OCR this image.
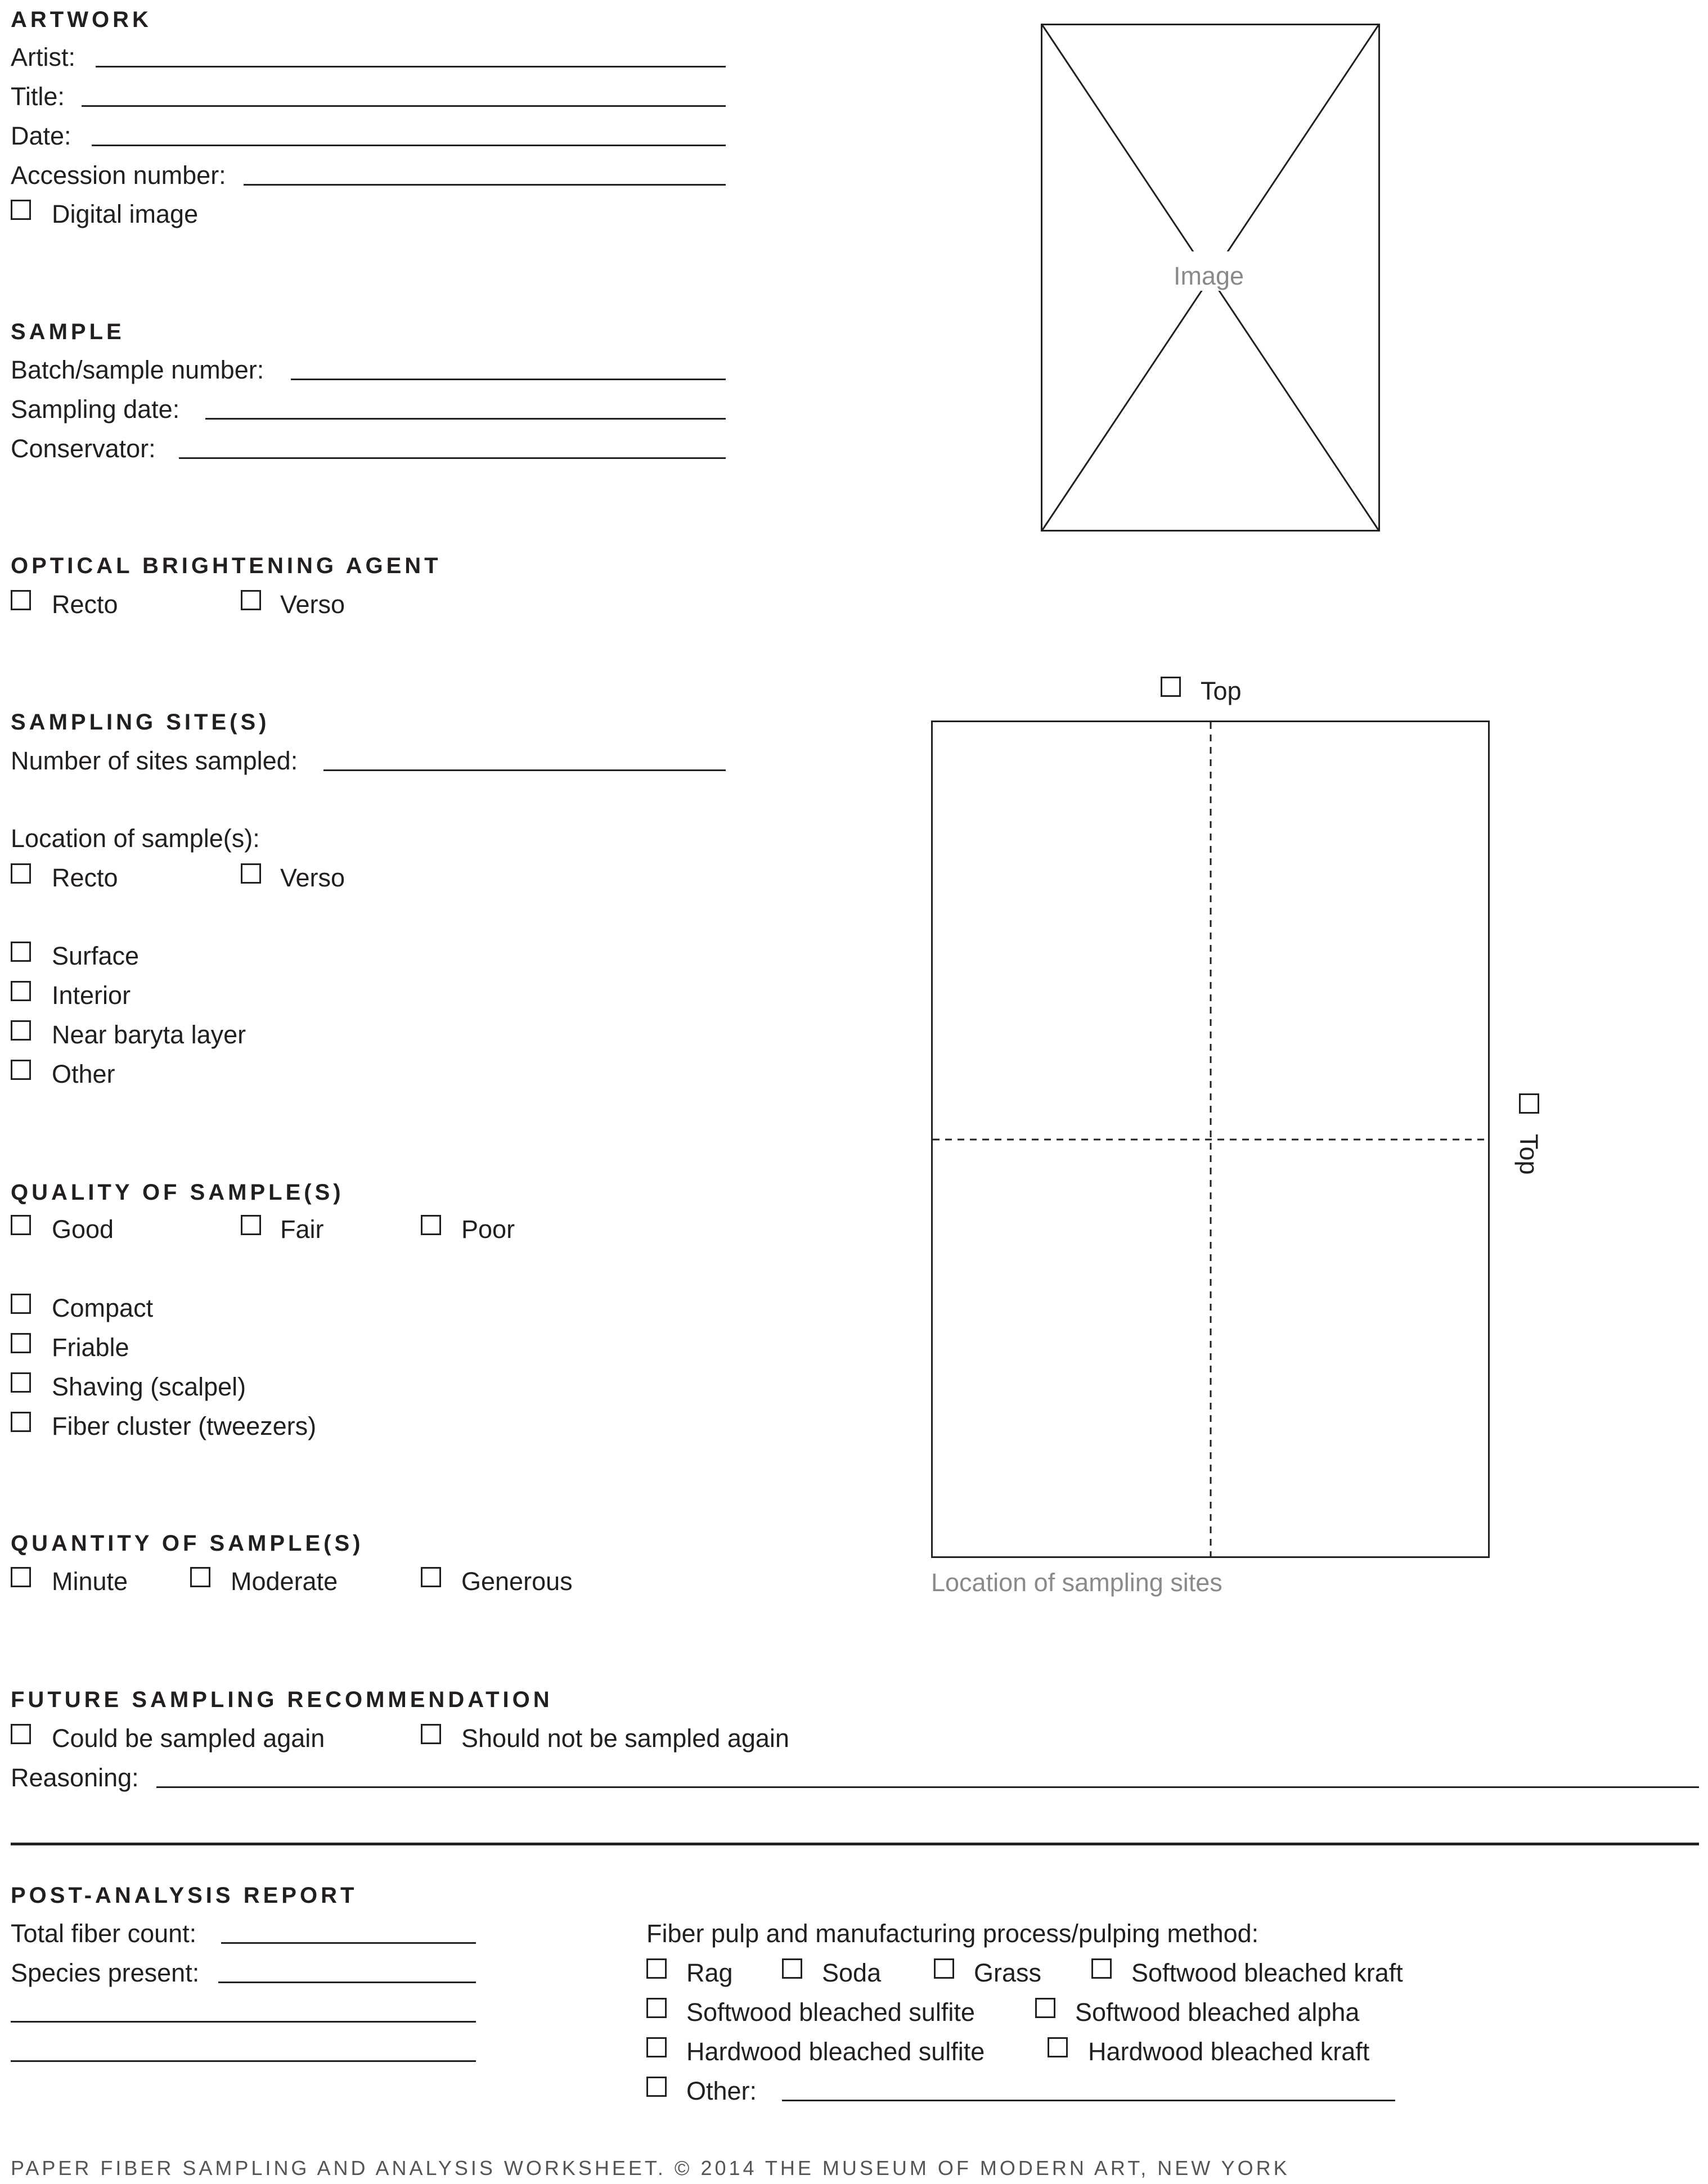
ARTWORK
Artist:
Title:
Date:
Accession number:
Digital image
Image
SAMPLE
Batch/sample number:
Sampling date:
Conservator:
OPTICAL BRIGHTENING AGENT
Recto	Verso
SAMPLING SITE(S)
Number of sites sampled:
Location of sample(s):
Recto	Verso
Surface
Interior
Near baryta layer
Other
Top
Top
Location of sampling sites
QUALITY OF SAMPLE(S)
Good	Fair	Poor
Compact
Friable
Shaving (scalpel)
Fiber cluster (tweezers)
QUANTITY OF SAMPLE(S)
Minute	Moderate	Generous
FUTURE SAMPLING RECOMMENDATION
Could be sampled again	Should not be sampled again
Reasoning:
POST-ANALYSIS REPORT
Total fiber count:
Species present:
Fiber pulp and manufacturing process/pulping method:
Rag	Soda	Grass	Softwood bleached kraft
Softwood bleached sulfite	Softwood bleached alpha
Hardwood bleached sulfite	Hardwood bleached kraft
Other:
PAPER FIBER SAMPLING AND ANALYSIS WORKSHEET. © 2014 THE MUSEUM OF MODERN ART, NEW YORK
